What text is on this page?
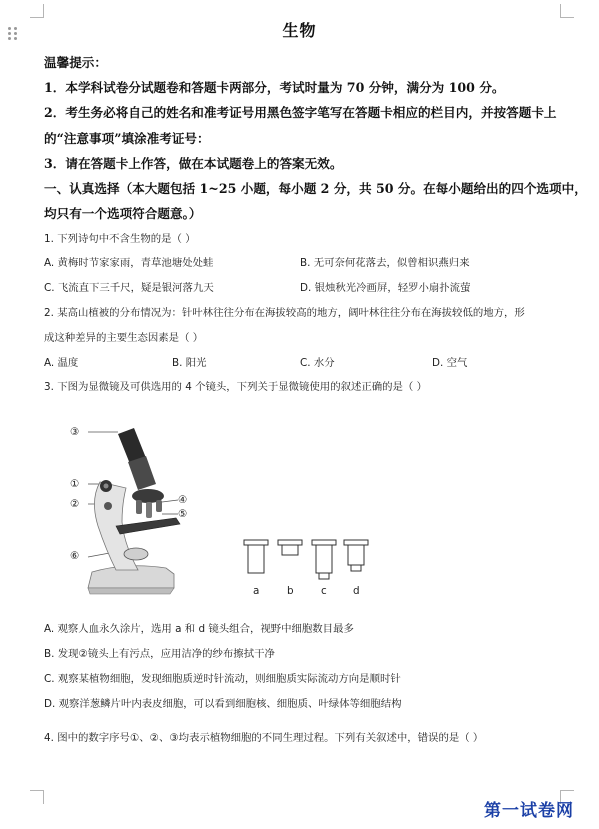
生物
温馨提示：
1．本学科试卷分试题卷和答题卡两部分，考试时量为 70 分钟，满分为 100 分。
2．考生务必将自己的姓名和准考证号用黑色签字笔写在答题卡相应的栏目内，并按答题卡上
的“注意事项”填涂准考证号：
3．请在答题卡上作答，做在本试题卷上的答案无效。
一、认真选择（本大题包括 1~25 小题，每小题 2 分，共 50 分。在每小题给出的四个选项中，
均只有一个选项符合题意。）
1. 下列诗句中不含生物的是（ ）
A. 黄梅时节家家雨，青草池塘处处蛙	B. 无可奈何花落去，似曾相识燕归来
C. 飞流直下三千尺，疑是银河落九天	D. 银烛秋光冷画屏，轻罗小扇扑流萤
2. 某高山植被的分布情况为：针叶林往往分布在海拔较高的地方，阔叶林往往分布在海拔较低的地方，形
成这种差异的主要生态因素是（ ）
A. 温度	B. 阳光	C. 水分	D. 空气
3. 下图为显微镜及可供选用的 4 个镜头，下列关于显微镜使用的叙述正确的是（ ）
③
①
②	④
⑤
⑥
a	b	c	d
A. 观察人血永久涂片，选用 a 和 d 镜头组合，视野中细胞数目最多
B. 发现②镜头上有污点，应用洁净的纱布擦拭干净
C. 观察某植物细胞，发现细胞质逆时针流动，则细胞质实际流动方向是顺时针
D. 观察洋葱鳞片叶内表皮细胞，可以看到细胞核、细胞质、叶绿体等细胞结构
4. 图中的数字序号①、②、③均表示植物细胞的不同生理过程。下列有关叙述中，错误的是（ ）
第一试卷网
